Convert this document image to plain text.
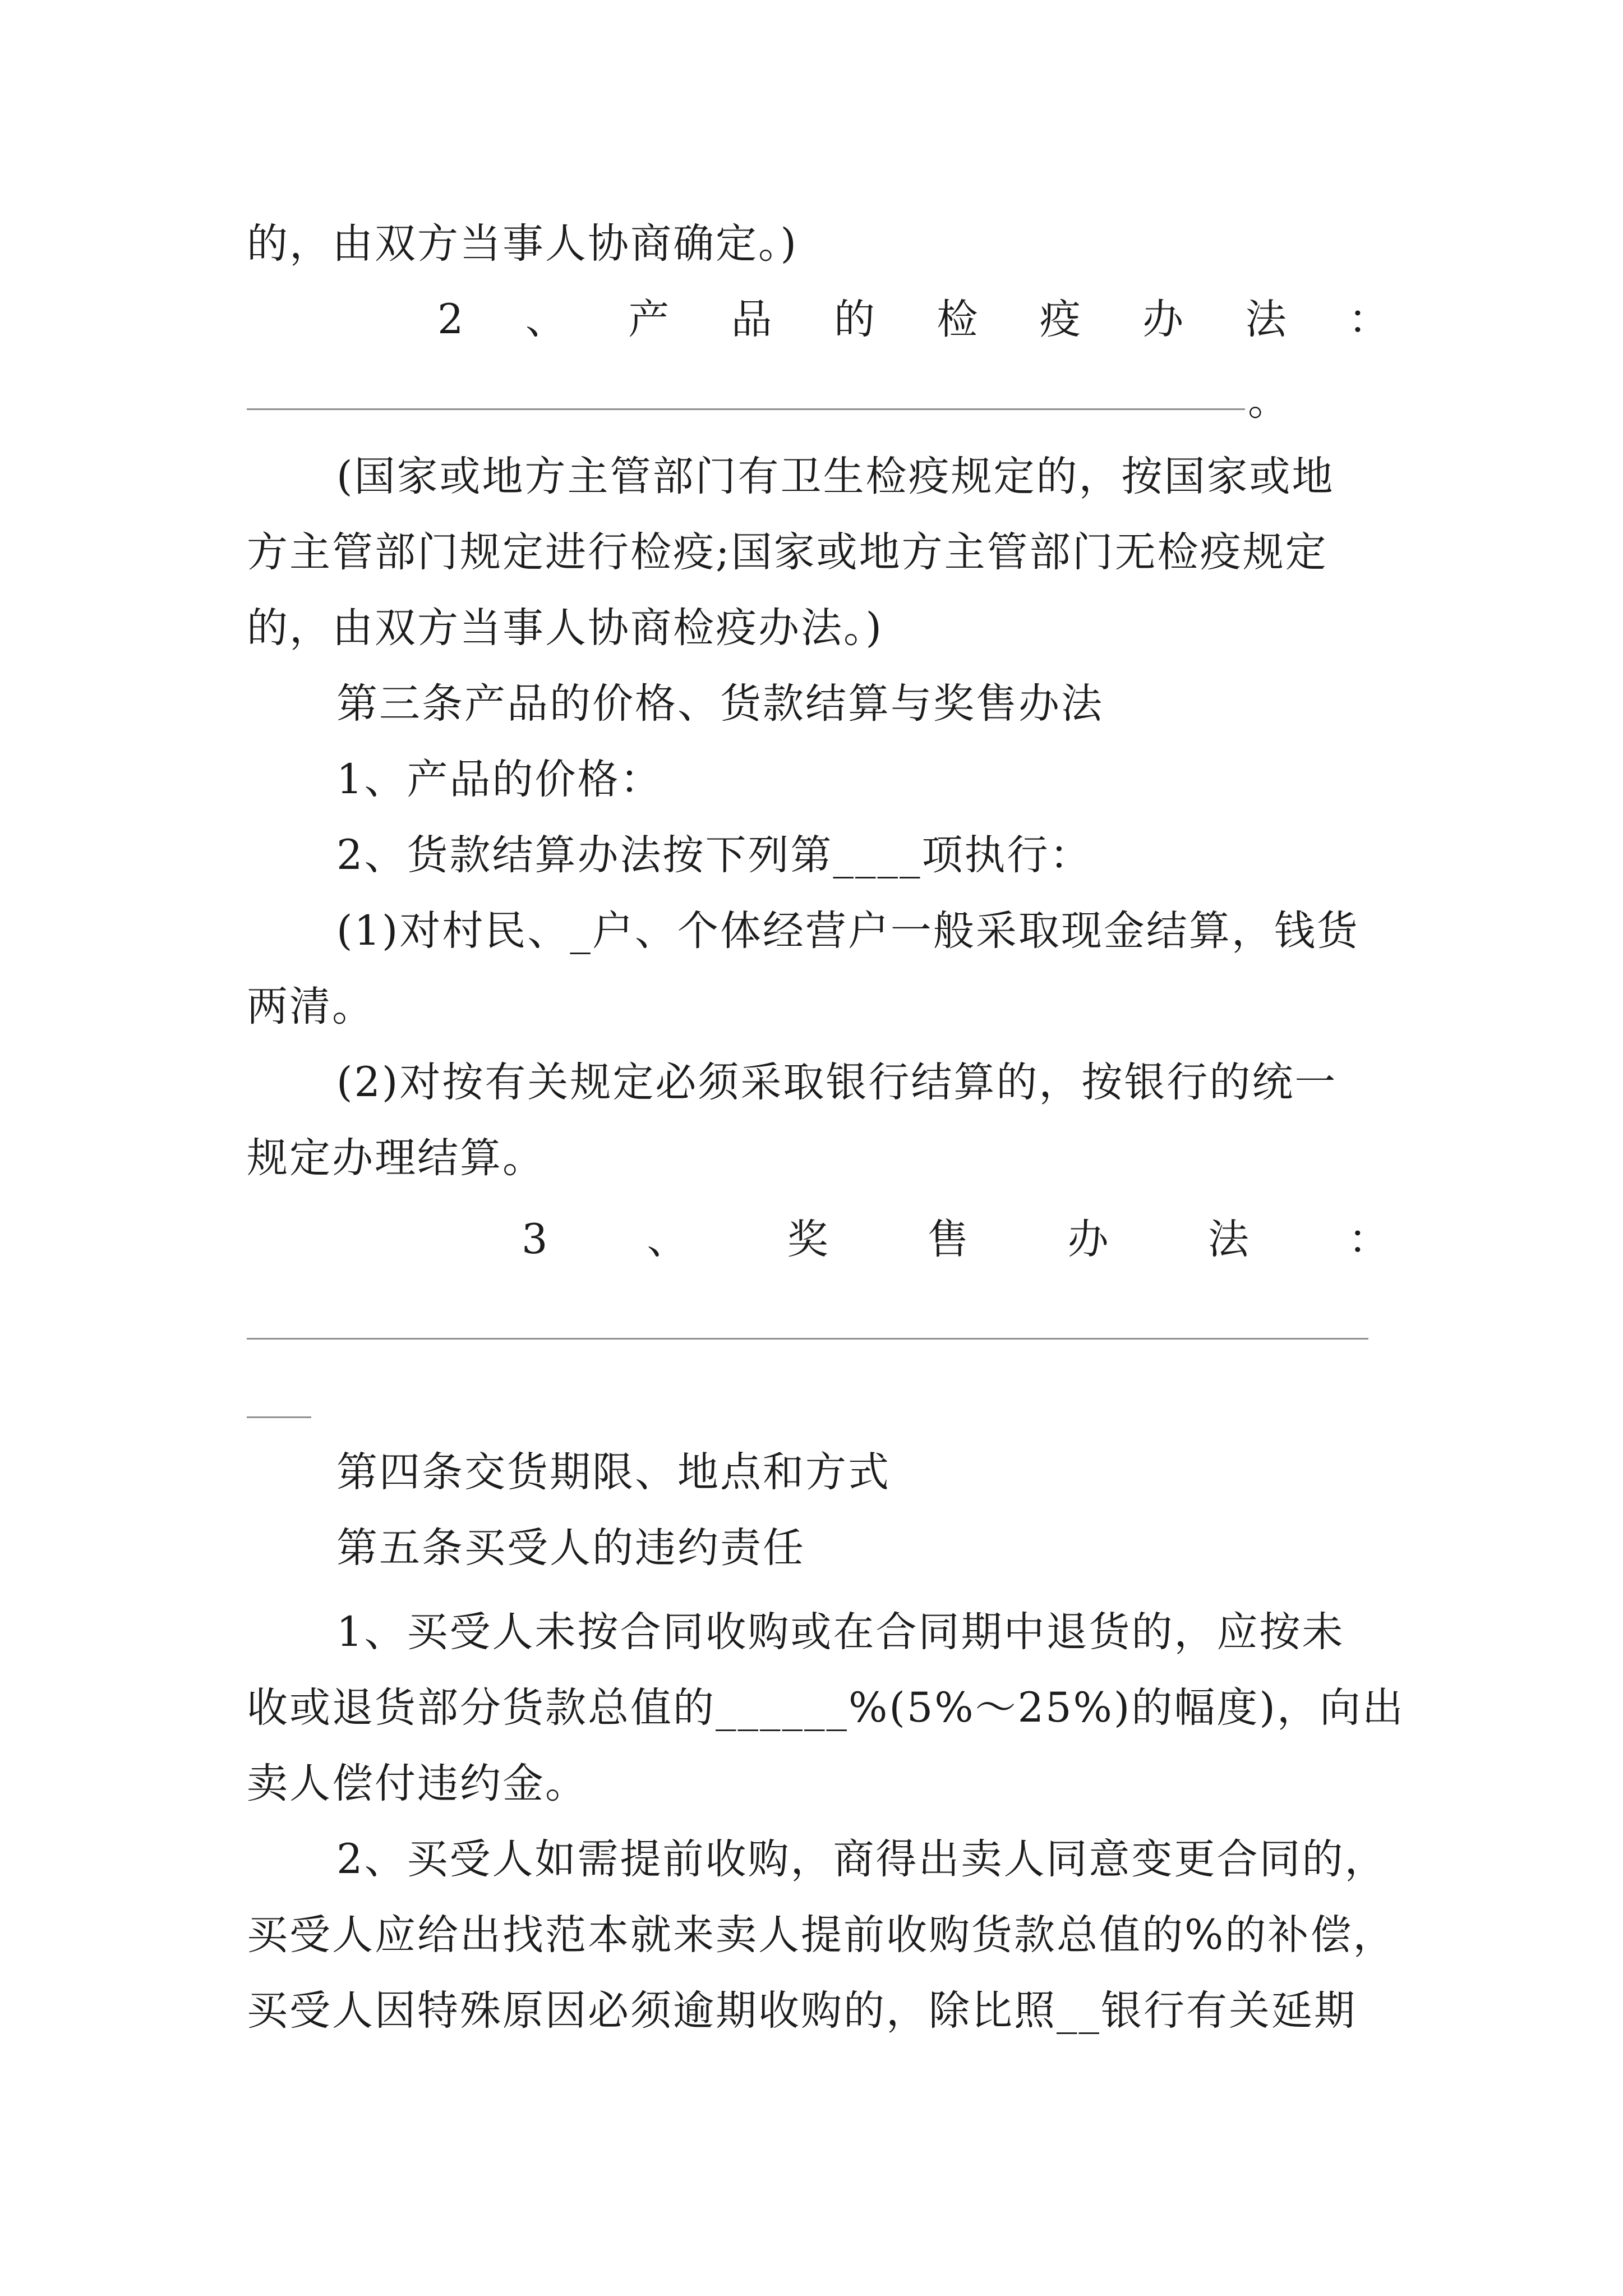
的，由双方当事人协商确定。)
2 、 产 品 的 检 疫 办 法 ：
。
(国家或地方主管部门有卫生检疫规定的，按国家或地
方主管部门规定进行检疫;国家或地方主管部门无检疫规定
的，由双方当事人协商检疫办法。)
第三条产品的价格、货款结算与奖售办法
1、产品的价格：
2、货款结算办法按下列第____项执行：
(1)对村民、_户、个体经营户一般采取现金结算，钱货
两清。
(2)对按有关规定必须采取银行结算的，按银行的统一
规定办理结算。
3 、 奖 售 办 法 ：
第四条交货期限、地点和方式
第五条买受人的违约责任
1、买受人未按合同收购或在合同期中退货的，应按未
收或退货部分货款总值的______%(5%～25%)的幅度)，向出
卖人偿付违约金。
2、买受人如需提前收购，商得出卖人同意变更合同的，
买受人应给出找范本就来卖人提前收购货款总值的%的补偿，
买受人因特殊原因必须逾期收购的，除比照__银行有关延期
